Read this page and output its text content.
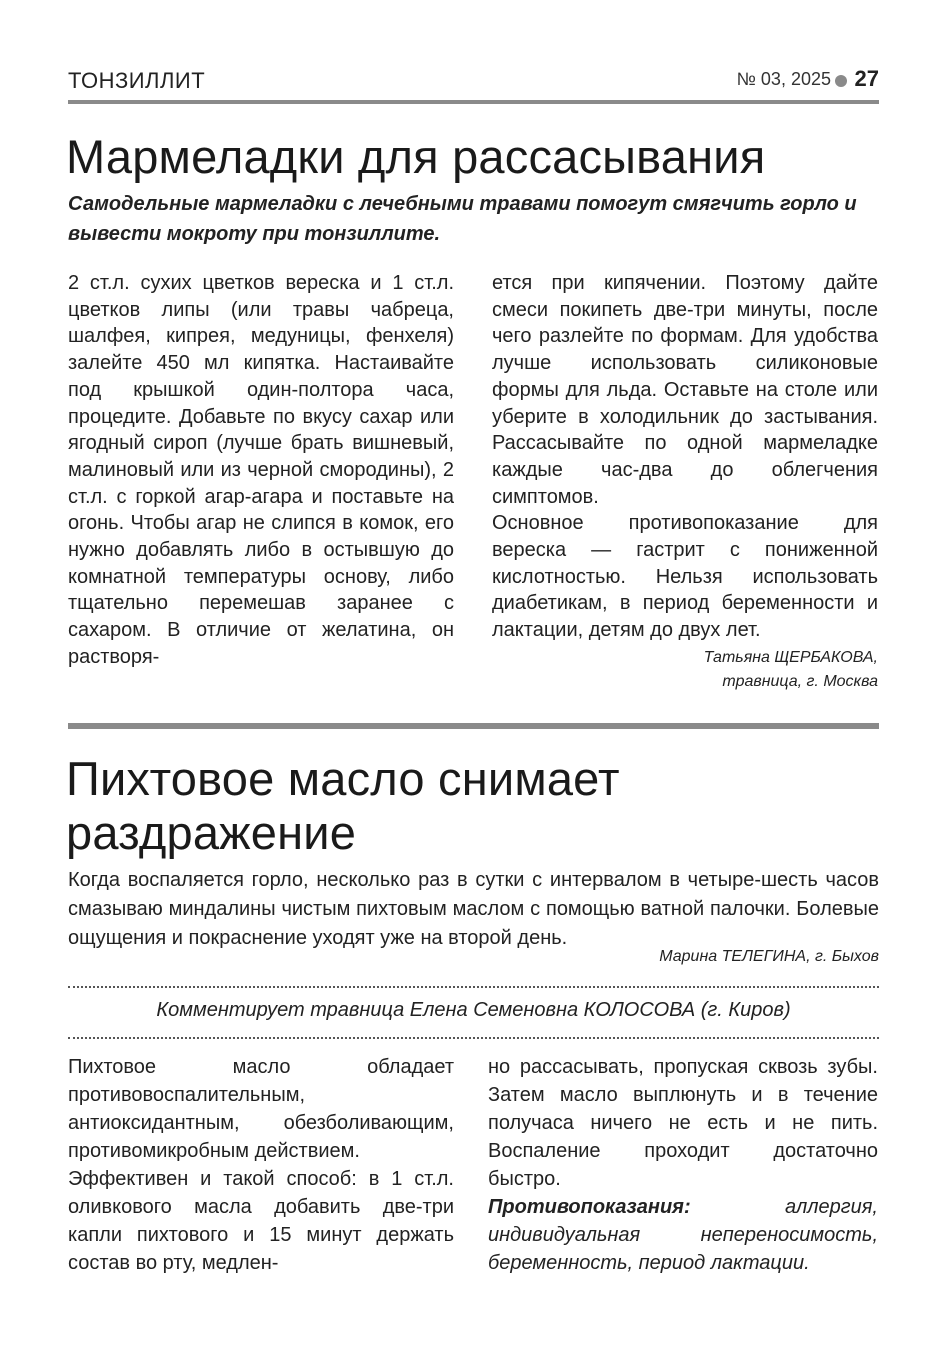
ТОНЗИЛЛИТ	№ 03, 2025 27
Мармеладки для рассасывания

Самодельные мармеладки с лечебными травами помогут смягчить горло и вывести мокроту при тонзиллите.

2 ст.л. сухих цветков вереска и 1 ст.л. цветков липы (или травы чабреца, шалфея, кипрея, медуницы, фенхеля) залейте 450 мл кипятка. Настаивайте под крышкой один-полтора часа, процедите. Добавьте по вкусу сахар или ягодный сироп (лучше брать вишневый, малиновый или из черной смородины), 2 ст.л. с горкой агар-агара и поставьте на огонь. Чтобы агар не слипся в комок, его нужно добавлять либо в остывшую до комнатной температуры основу, либо тщательно перемешав заранее с сахаром. В отличие от желатина, он растворя-

ется при кипячении. Поэтому дайте смеси покипеть две-три минуты, после чего разлейте по формам. Для удобства лучше использовать силиконовые формы для льда. Оставьте на столе или уберите в холодильник до застывания. Рассасывайте по одной мармеладке каждые час-два до облегчения симптомов.

Основное противопоказание для вереска — гастрит с пониженной кислотностью. Нельзя использовать диабетикам, в период беременности и лактации, детям до двух лет.

Татьяна ЩЕРБАКОВА,
травница, г. Москва
Пихтовое масло снимает
раздражение

Когда воспаляется горло, несколько раз в сутки с интервалом в четыре-шесть часов смазываю миндалины чистым пихтовым маслом с помощью ватной палочки. Болевые ощущения и покраснение уходят уже на второй день.

Марина ТЕЛЕГИНА, г. Быхов
Комментирует травница Елена Семеновна КОЛОСОВА (г. Киров)

Пихтовое масло обладает противовоспалительным, антиоксидантным, обезболивающим, противомикробным действием.

Эффективен и такой способ: в 1 ст.л. оливкового масла добавить две-три капли пихтового и 15 минут держать состав во рту, медлен-

но рассасывать, пропуская сквозь зубы. Затем масло выплюнуть и в течение получаса ничего не есть и не пить. Воспаление проходит достаточно быстро.

Противопоказания: аллергия, индивидуальная непереносимость, беременность, период лактации.
